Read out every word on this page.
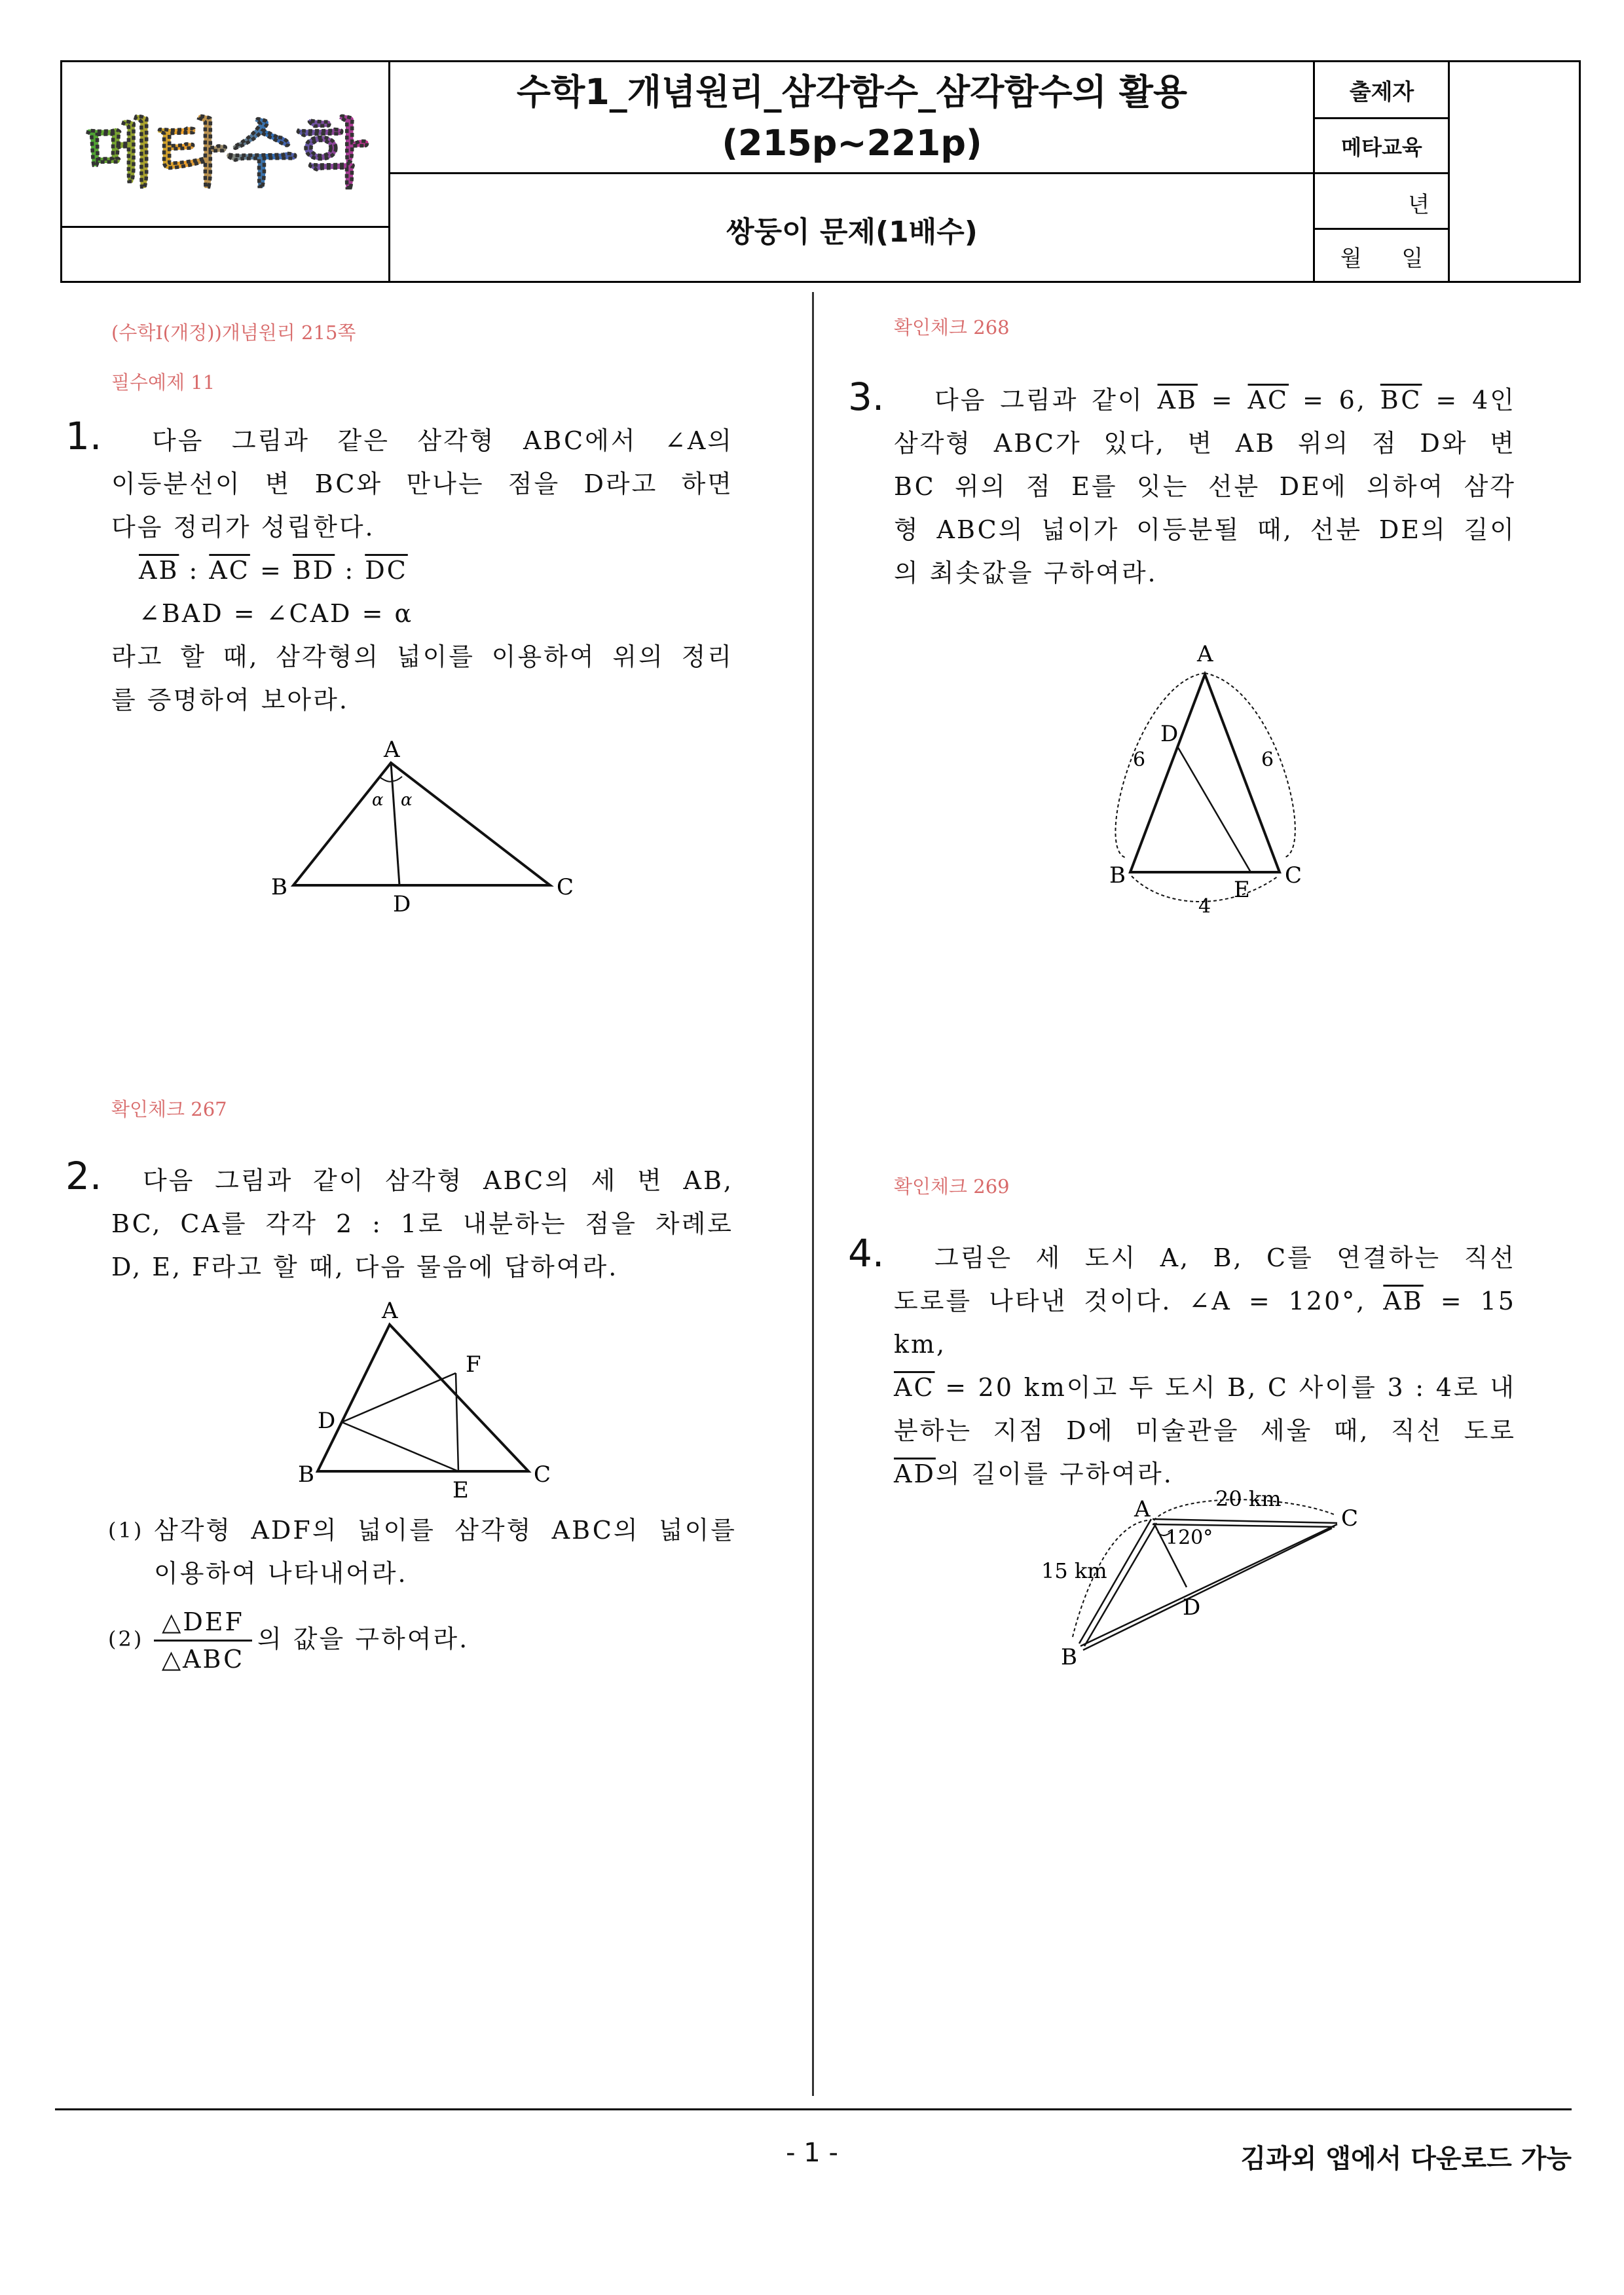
메타수학
수학1_개념원리_삼각함수_삼각함수의 활용
(215p~221p)
쌍둥이 문제(1배수)
출제자
메타교육
년
월 일
(수학I(개정))개념원리 215쪽
필수예제 11
1.	다음 그림과 같은 삼각형 ABC에서 ∠A의

이등분선이 변 BC와 만나는 점을 D라고 하면

다음 정리가 성립한다.

$\overline{AB}$ : $\overline{AC} = \overline{BD}$ : $\overline{DC}$

∠BAD = ∠CAD = α

라고 할 때, 삼각형의 넓이를 이용하여 위의 정리

를 증명하여 보아라.

A
B	C
D
α α
확인체크 267
2.	다음 그림과 같이 삼각형 ABC의 세 변 AB,

BC, CA를 각각 2 : 1로 내분하는 점을 차례로

D, E, F라고 할 때, 다음 물음에 답하여라.

A
B	C
D
E
F
(1) 삼각형 ADF의 넓이를 삼각형 ABC의 넓이를

이용하여 나타내어라.

(2)
△DEF
△ABC
의 값을 구하여라.
확인체크 268
3.	다음 그림과 같이 $\overline{AB} = \overline{AC} = 6$, $\overline{BC} = 4$인

삼각형 ABC가 있다, 변 AB 위의 점 D와 변

BC 위의 점 E를 잇는 선분 DE에 의하여 삼각

형 ABC의 넓이가 이등분될 때, 선분 DE의 길이

의 최솟값을 구하여라.

A
B	C
D
E
6	6
4
확인체크 269
4.	그림은 세 도시 A, B, C를 연결하는 직선

도로를 나타낸 것이다. ∠A = 120°, $\overline{AB} = 15$ km,

$\overline{AC} = 20$ km이고 두 도시 B, C 사이를 3 : 4로 내

분하는 지점 D에 미술관을 세울 때, 직선 도로

$\overline{AD}$의 길이를 구하여라.

A
B
C
D
20 km
15 km
120°
- 1 -	김과외 앱에서 다운로드 가능
